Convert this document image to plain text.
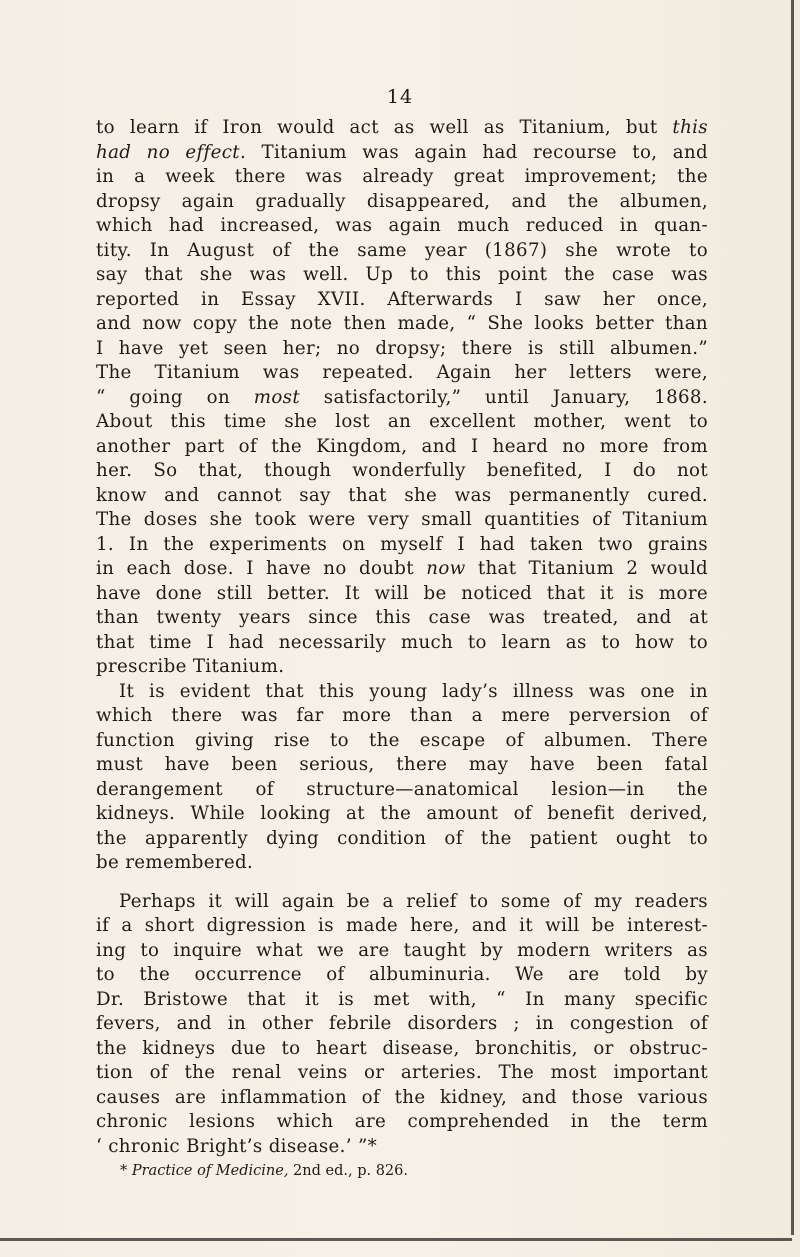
14
to learn if Iron would act as well as Titanium, but this
had no effect. Titanium was again had recourse to, and
in a week there was already great improvement; the
dropsy again gradually disappeared, and the albumen,
which had increased, was again much reduced in quan-
tity. In August of the same year (1867) she wrote to
say that she was well. Up to this point the case was
reported in Essay XVII. Afterwards I saw her once,
and now copy the note then made, “ She looks better than
I have yet seen her; no dropsy; there is still albumen.”
The Titanium was repeated. Again her letters were,
“ going on most satisfactorily,” until January, 1868.
About this time she lost an excellent mother, went to
another part of the Kingdom, and I heard no more from
her. So that, though wonderfully benefited, I do not
know and cannot say that she was permanently cured.
The doses she took were very small quantities of Titanium
1. In the experiments on myself I had taken two grains
in each dose. I have no doubt now that Titanium 2 would
have done still better. It will be noticed that it is more
than twenty years since this case was treated, and at
that time I had necessarily much to learn as to how to
prescribe Titanium.
It is evident that this young lady’s illness was one in
which there was far more than a mere perversion of
function giving rise to the escape of albumen. There
must have been serious, there may have been fatal
derangement of structure—anatomical lesion—in the
kidneys. While looking at the amount of benefit derived,
the apparently dying condition of the patient ought to
be remembered.
Perhaps it will again be a relief to some of my readers
if a short digression is made here, and it will be interest-
ing to inquire what we are taught by modern writers as
to the occurrence of albuminuria. We are told by
Dr. Bristowe that it is met with, “ In many specific
fevers, and in other febrile disorders ; in congestion of
the kidneys due to heart disease, bronchitis, or obstruc-
tion of the renal veins or arteries. The most important
causes are inflammation of the kidney, and those various
chronic lesions which are comprehended in the term
‘ chronic Bright’s disease.’ ”*
* Practice of Medicine, 2nd ed., p. 826.
